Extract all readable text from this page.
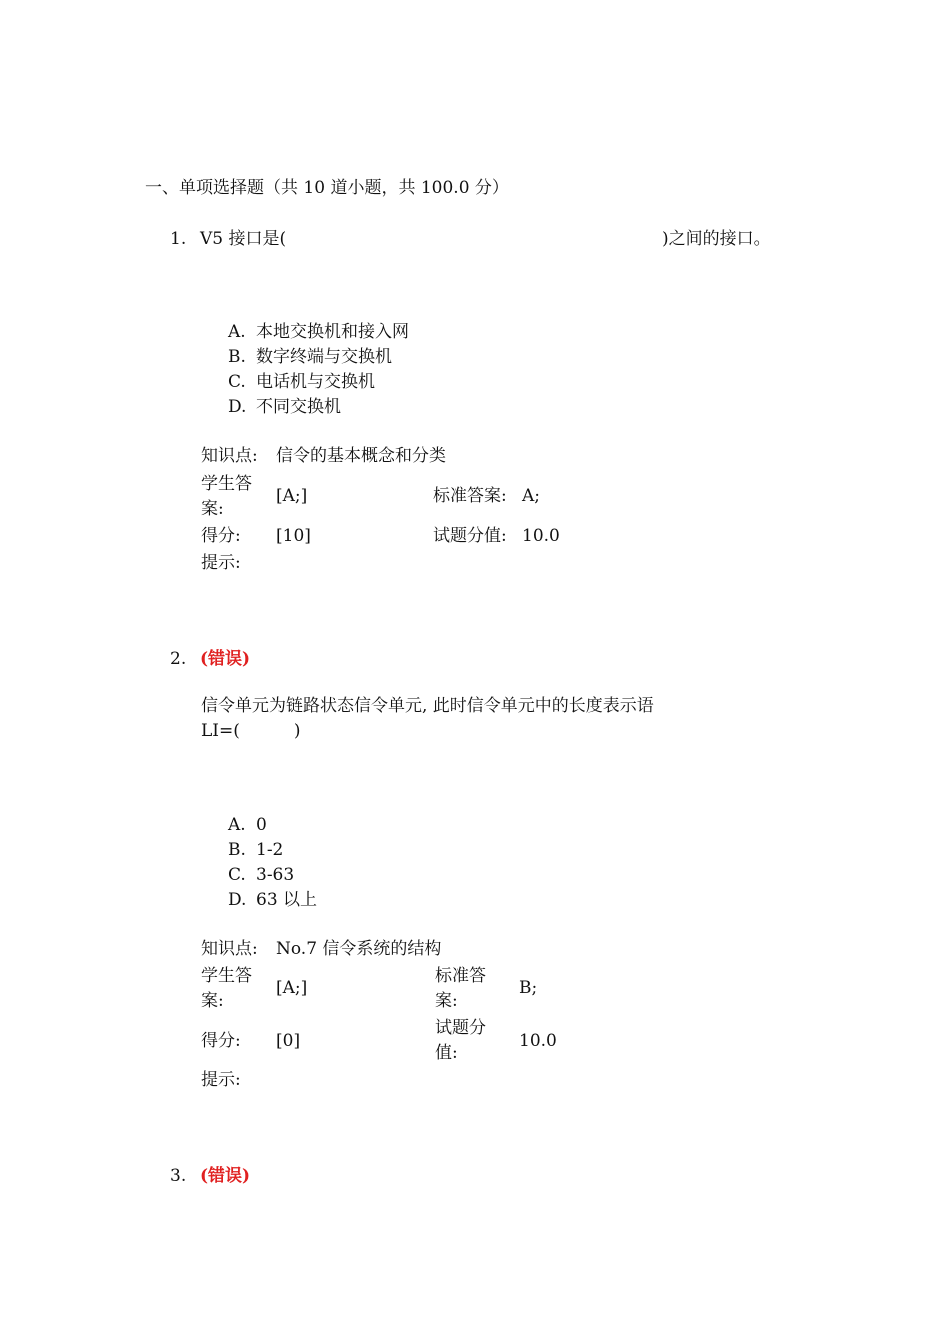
一、单项选择题（共 10 道小题，共 100.0 分）
1. V5 接口是(	)之间的接口。
A. 本地交换机和接入网
B. 数字终端与交换机
C. 电话机与交换机
D. 不同交换机
知识点: 信令的基本概念和分类
学生答案:
[A;]	标准答案: A;
得分: [10]	试题分值: 10.0
提示:
2. (错误)
信令单元为链路状态信令单元, 此时信令单元中的长度表示语
LI=(          )
A. 0
B. 1-2
C. 3-63
D. 63 以上
知识点: No.7 信令系统的结构
学生答案:
[A;]
标准答案:
B;
得分: [0]
试题分值:
10.0
提示:
3. (错误)
